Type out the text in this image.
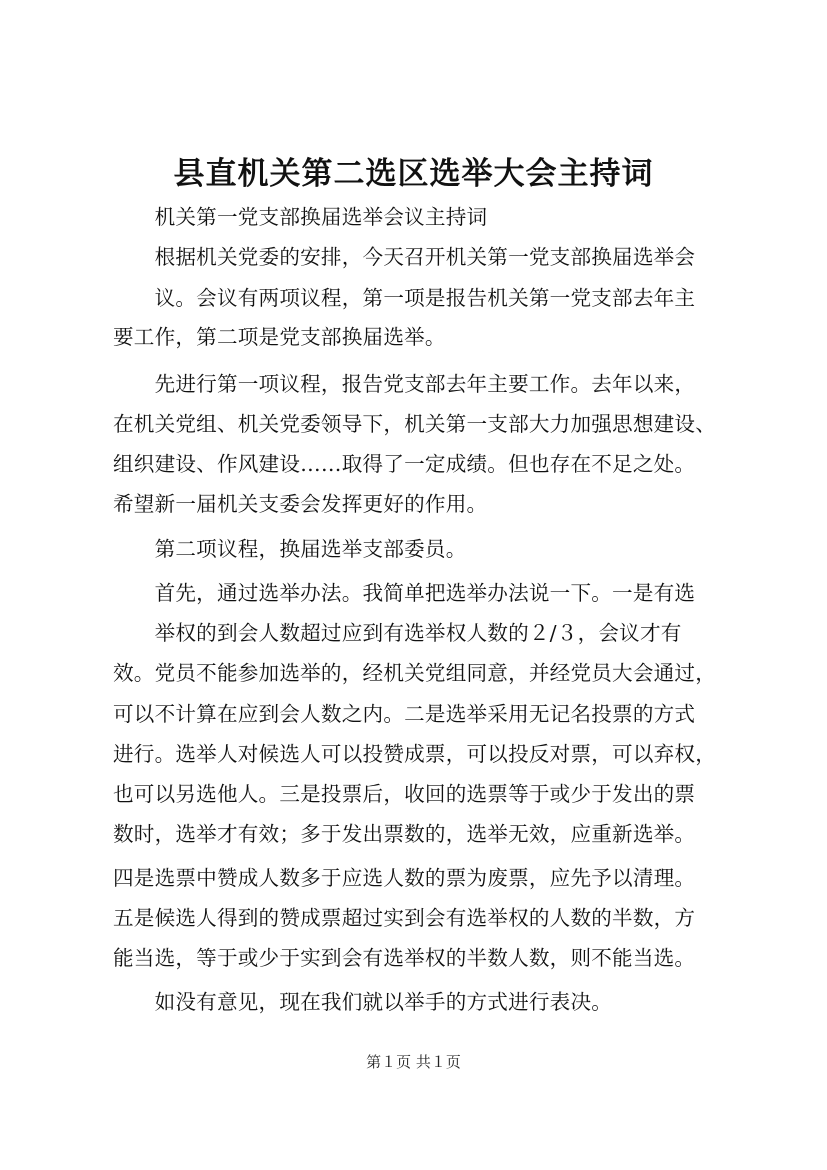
县直机关第二选区选举大会主持词
　　机关第一党支部换届选举会议主持词
　　根据机关党委的安排，今天召开机关第一党支部换届选举会
　　议。会议有两项议程，第一项是报告机关第一党支部去年主
要工作，第二项是党支部换届选举。
　　先进行第一项议程，报告党支部去年主要工作。去年以来，
在机关党组、机关党委领导下，机关第一支部大力加强思想建设、
组织建设、作风建设……取得了一定成绩。但也存在不足之处。
希望新一届机关支委会发挥更好的作用。
　　第二项议程，换届选举支部委员。
　　首先，通过选举办法。我简单把选举办法说一下。一是有选
　　举权的到会人数超过应到有选举权人数的２/３，会议才有
效。党员不能参加选举的，经机关党组同意，并经党员大会通过，
可以不计算在应到会人数之内。二是选举采用无记名投票的方式
进行。选举人对候选人可以投赞成票，可以投反对票，可以弃权，
也可以另选他人。三是投票后，收回的选票等于或少于发出的票
数时，选举才有效；多于发出票数的，选举无效，应重新选举。
四是选票中赞成人数多于应选人数的票为废票，应先予以清理。
五是候选人得到的赞成票超过实到会有选举权的人数的半数，方
能当选，等于或少于实到会有选举权的半数人数，则不能当选。
　　如没有意见，现在我们就以举手的方式进行表决。
第１页 共１页
